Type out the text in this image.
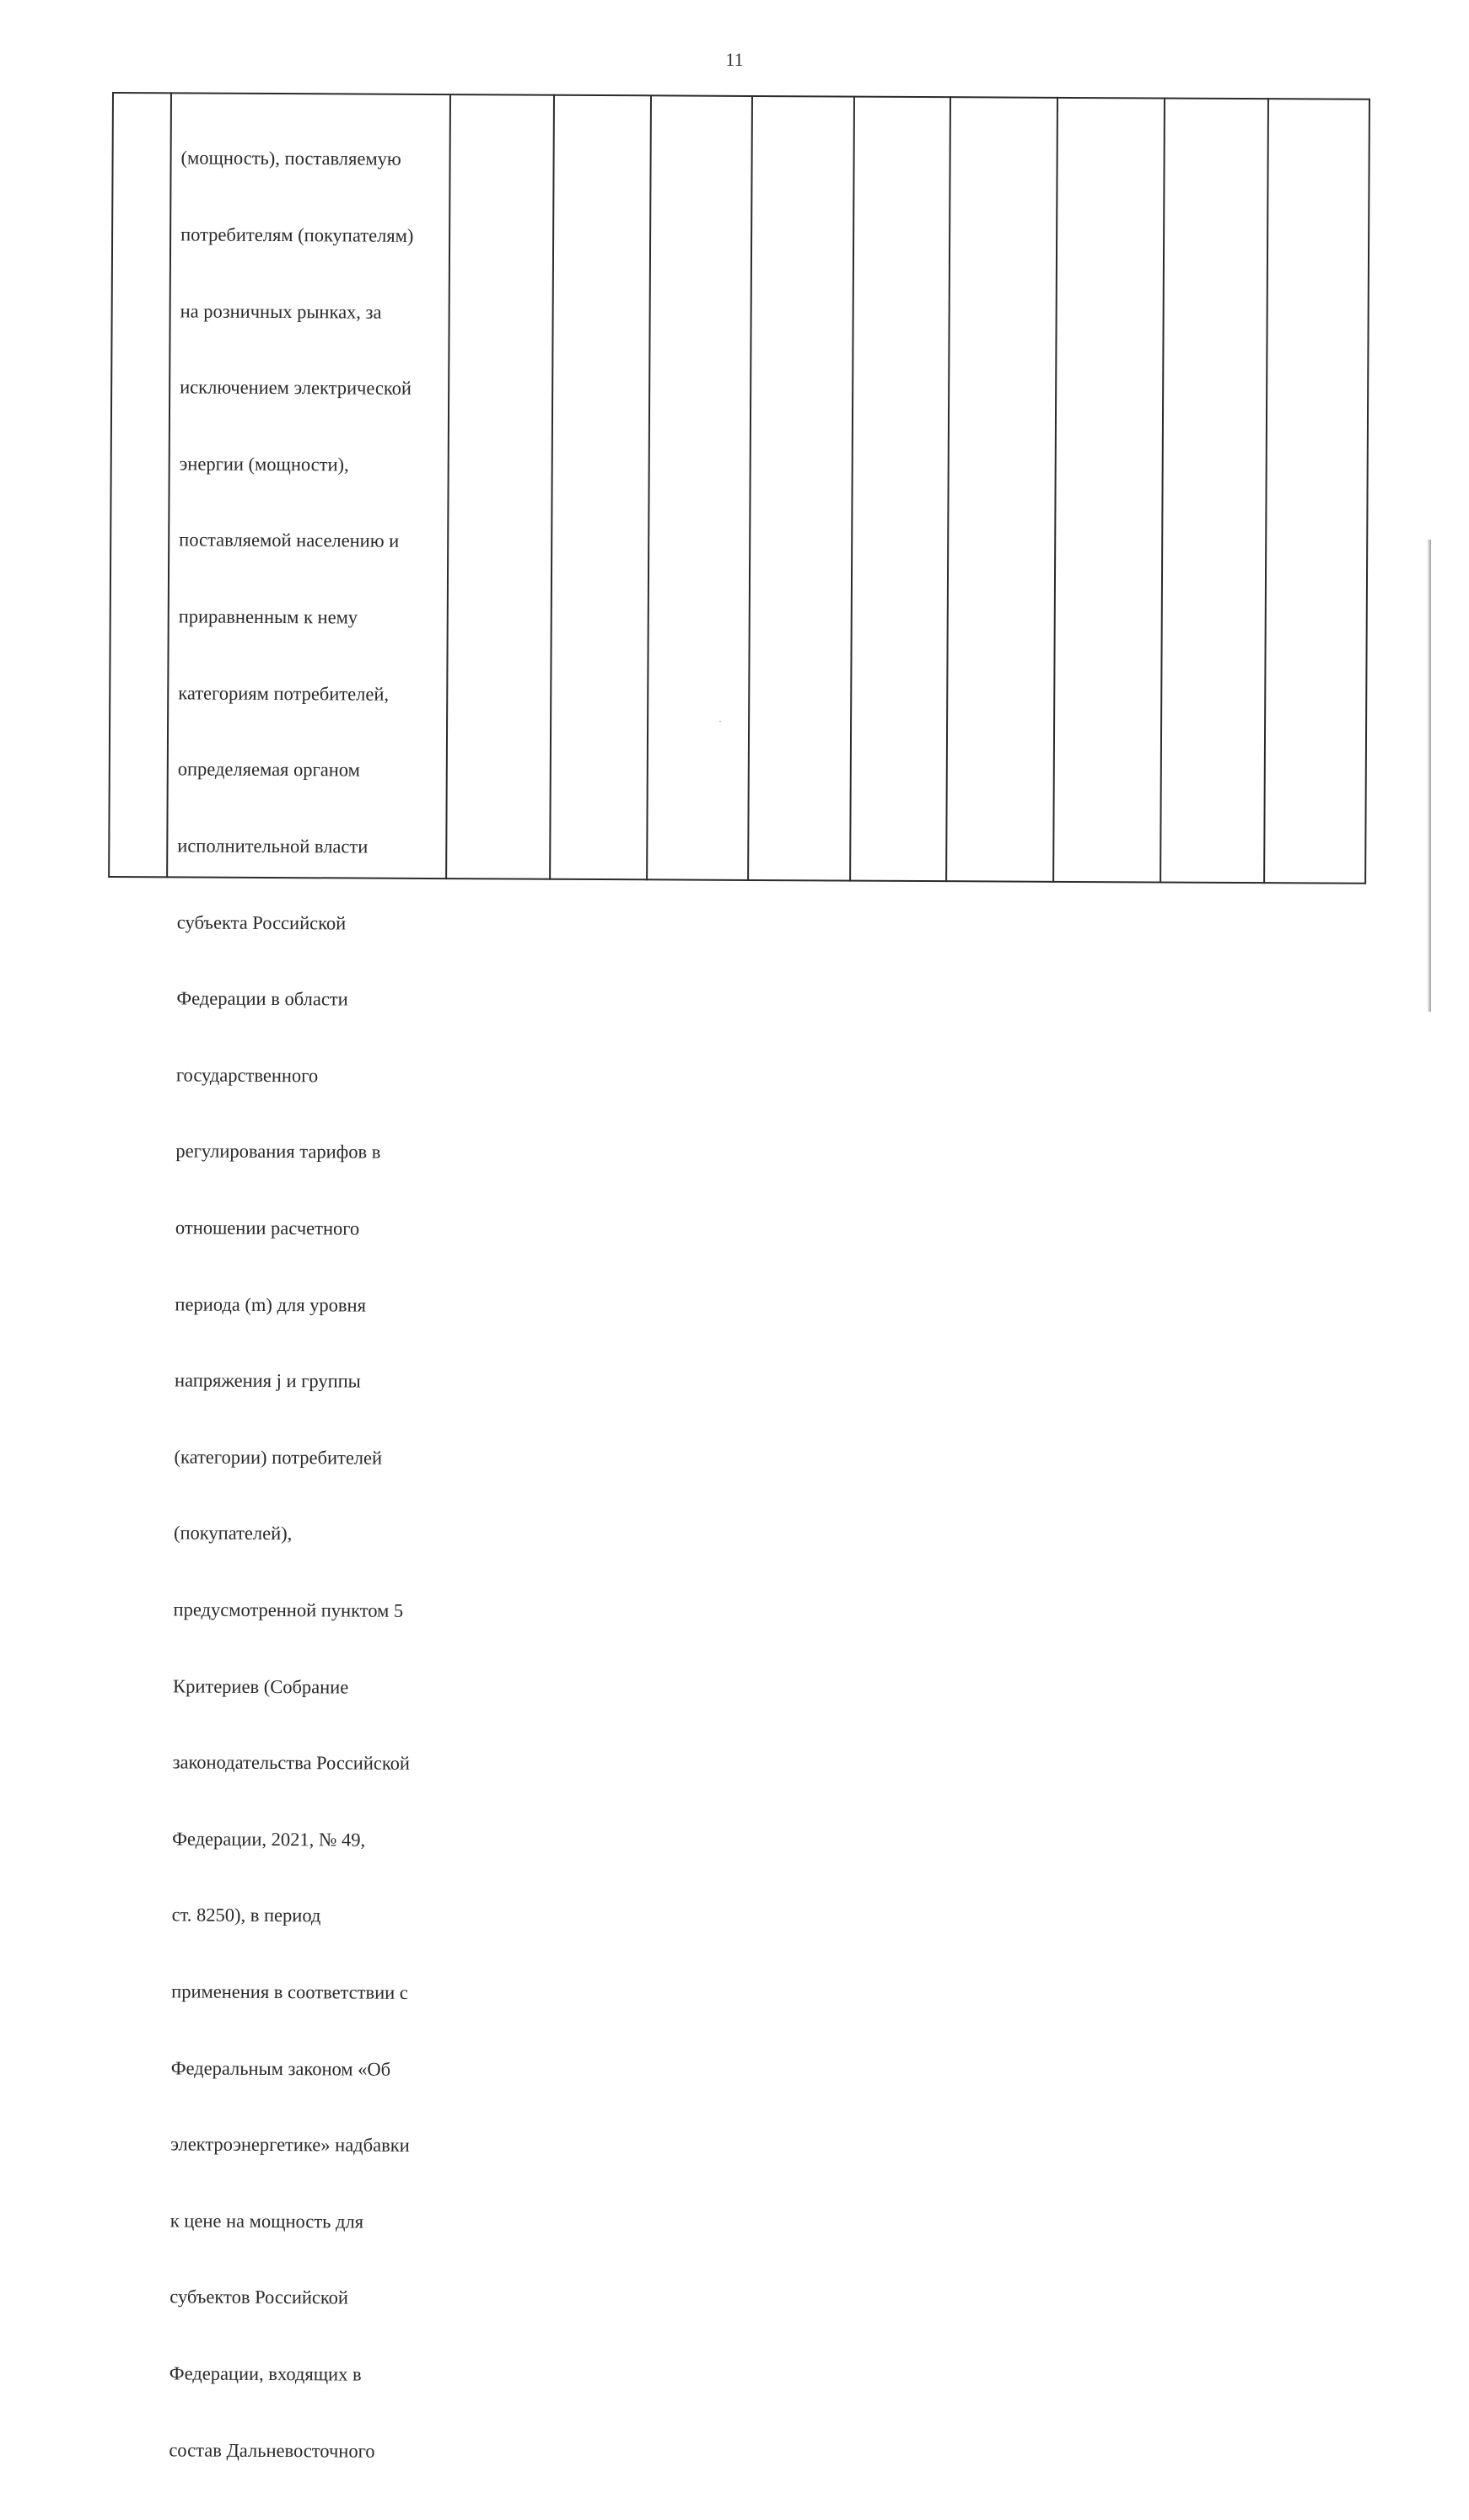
11

(мощность), поставляемую

потребителям (покупателям)

на розничных рынках, за

исключением электрической

энергии (мощности),

поставляемой населению и

приравненным к нему

категориям потребителей,

определяемая органом

исполнительной власти

субъекта Российской

Федерации в области

государственного

регулирования тарифов в

отношении расчетного

периода (m) для уровня

напряжения j и группы

(категории) потребителей

(покупателей),

предусмотренной пунктом 5

Критериев (Собрание

законодательства Российской

Федерации, 2021, № 49,

ст. 8250), в период

применения в соответствии с

Федеральным законом «Об

электроэнергетике» надбавки

к цене на мощность для

субъектов Российской

Федерации, входящих в

состав Дальневосточного
